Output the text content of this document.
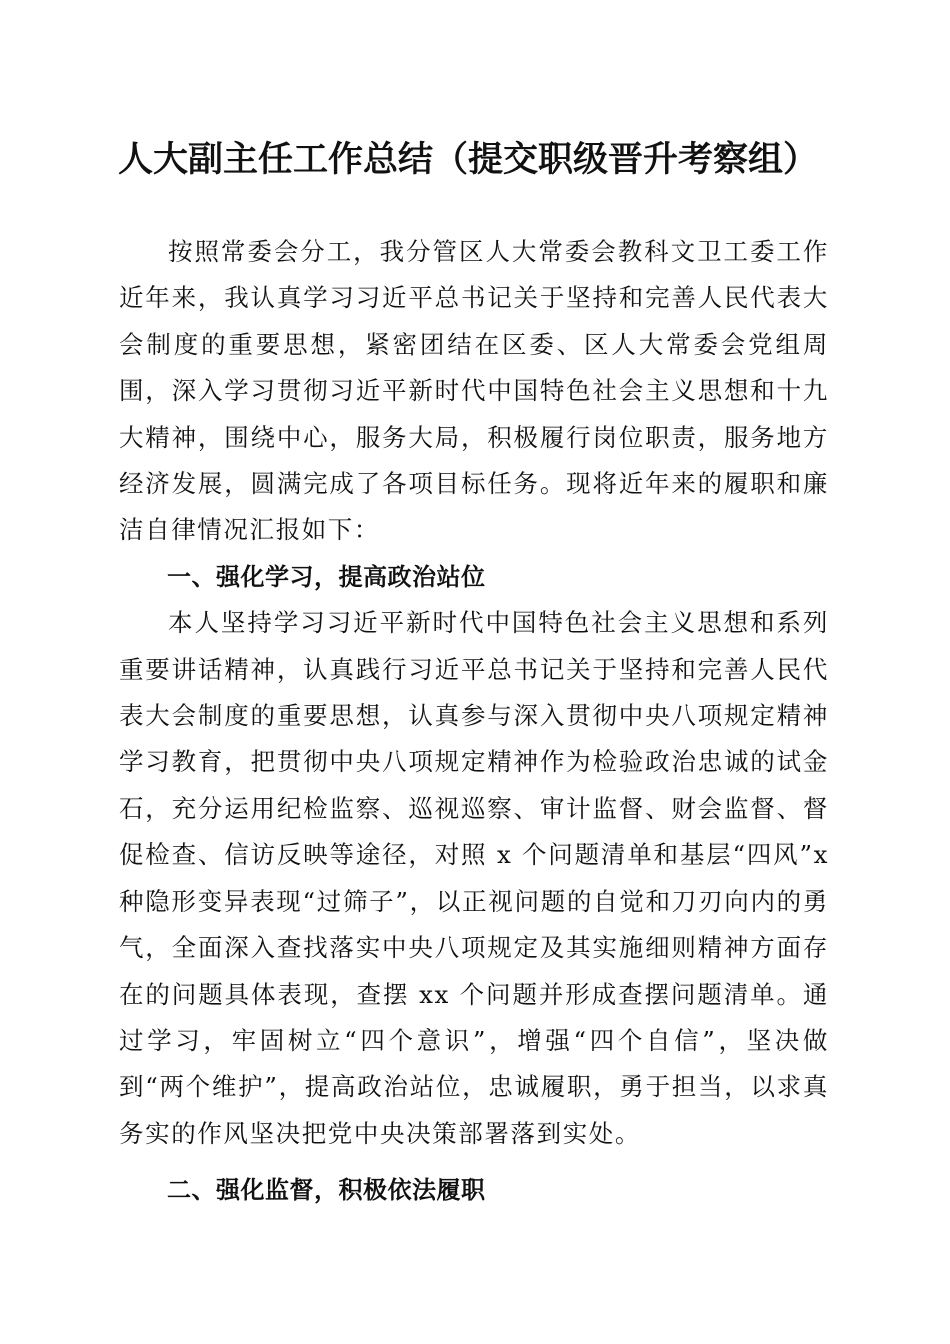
人大副主任工作总结（提交职级晋升考察组）

按照常委会分工，我分管区人大常委会教科文卫工委工作近年来，我认真学习习近平总书记关于坚持和完善人民代表大会制度的重要思想，紧密团结在区委、区人大常委会党组周围，深入学习贯彻习近平新时代中国特色社会主义思想和十九大精神，围绕中心，服务大局，积极履行岗位职责，服务地方经济发展，圆满完成了各项目标任务。现将近年来的履职和廉洁自律情况汇报如下：

一、强化学习，提高政治站位

本人坚持学习习近平新时代中国特色社会主义思想和系列重要讲话精神，认真践行习近平总书记关于坚持和完善人民代表大会制度的重要思想，认真参与深入贯彻中央八项规定精神学习教育，把贯彻中央八项规定精神作为检验政治忠诚的试金石，充分运用纪检监察、巡视巡察、审计监督、财会监督、督促检查、信访反映等途径，对照 x 个问题清单和基层“四风”x 种隐形变异表现“过筛子”，以正视问题的自觉和刀刃向内的勇气，全面深入查找落实中央八项规定及其实施细则精神方面存在的问题具体表现，查摆 xx 个问题并形成查摆问题清单。通过学习，牢固树立“四个意识”，增强“四个自信”，坚决做到“两个维护”，提高政治站位，忠诚履职，勇于担当，以求真务实的作风坚决把党中央决策部署落到实处。

二、强化监督，积极依法履职
